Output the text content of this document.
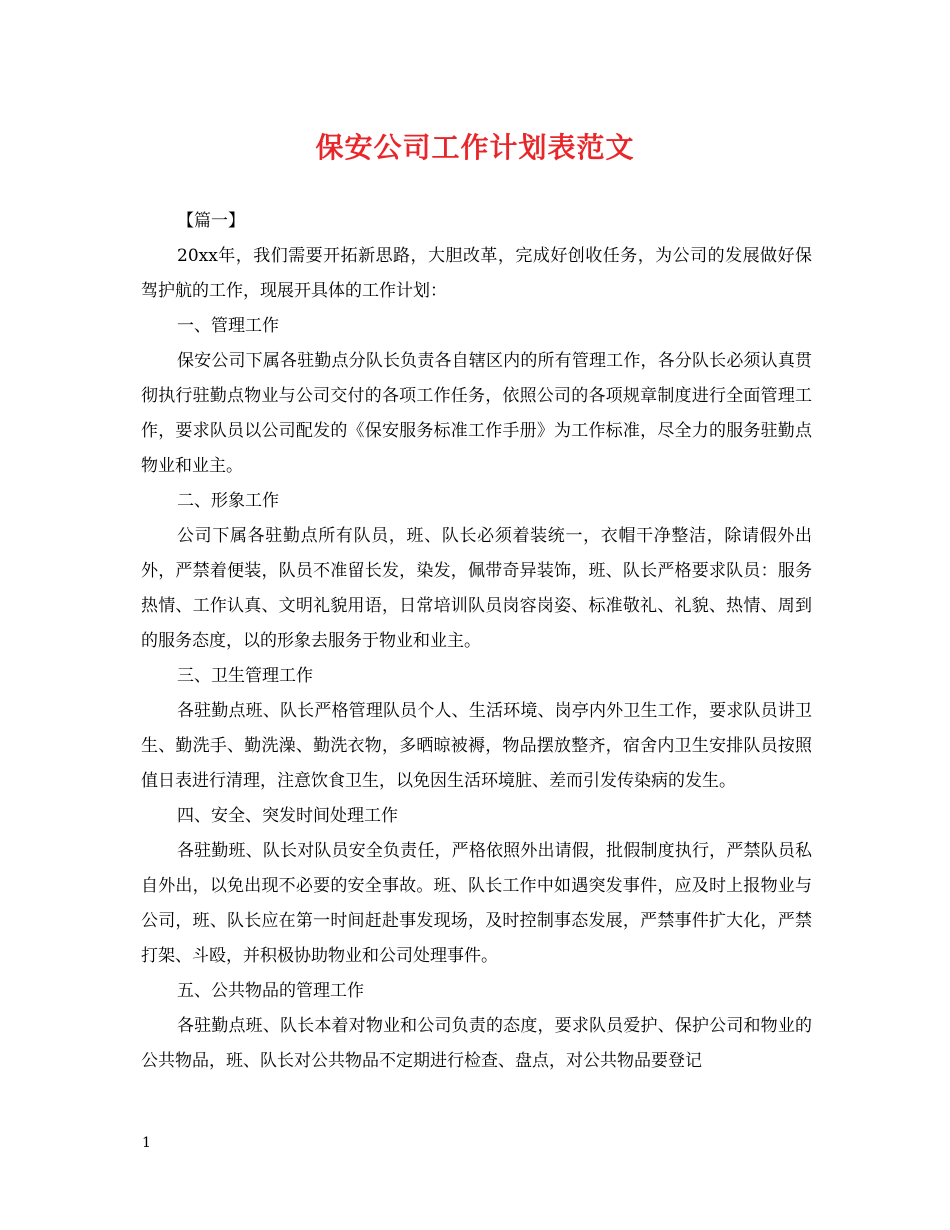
保安公司工作计划表范文

【篇一】

20xx年，我们需要开拓新思路，大胆改革，完成好创收任务，为公司的发展做好保驾护航的工作，现展开具体的工作计划：

一、管理工作

保安公司下属各驻勤点分队长负责各自辖区内的所有管理工作，各分队长必须认真贯彻执行驻勤点物业与公司交付的各项工作任务，依照公司的各项规章制度进行全面管理工作，要求队员以公司配发的《保安服务标准工作手册》为工作标准，尽全力的服务驻勤点物业和业主。

二、形象工作

公司下属各驻勤点所有队员，班、队长必须着装统一，衣帽干净整洁，除请假外出外，严禁着便装，队员不准留长发，染发，佩带奇异装饰，班、队长严格要求队员：服务热情、工作认真、文明礼貌用语，日常培训队员岗容岗姿、标准敬礼、礼貌、热情、周到的服务态度，以的形象去服务于物业和业主。

三、卫生管理工作

各驻勤点班、队长严格管理队员个人、生活环境、岗亭内外卫生工作，要求队员讲卫生、勤洗手、勤洗澡、勤洗衣物，多晒晾被褥，物品摆放整齐，宿舍内卫生安排队员按照值日表进行清理，注意饮食卫生，以免因生活环境脏、差而引发传染病的发生。

四、安全、突发时间处理工作

各驻勤班、队长对队员安全负责任，严格依照外出请假，批假制度执行，严禁队员私自外出，以免出现不必要的安全事故。班、队长工作中如遇突发事件，应及时上报物业与公司，班、队长应在第一时间赶赴事发现场，及时控制事态发展，严禁事件扩大化，严禁打架、斗殴，并积极协助物业和公司处理事件。

五、公共物品的管理工作

各驻勤点班、队长本着对物业和公司负责的态度，要求队员爱护、保护公司和物业的公共物品，班、队长对公共物品不定期进行检查、盘点，对公共物品要登记

1
